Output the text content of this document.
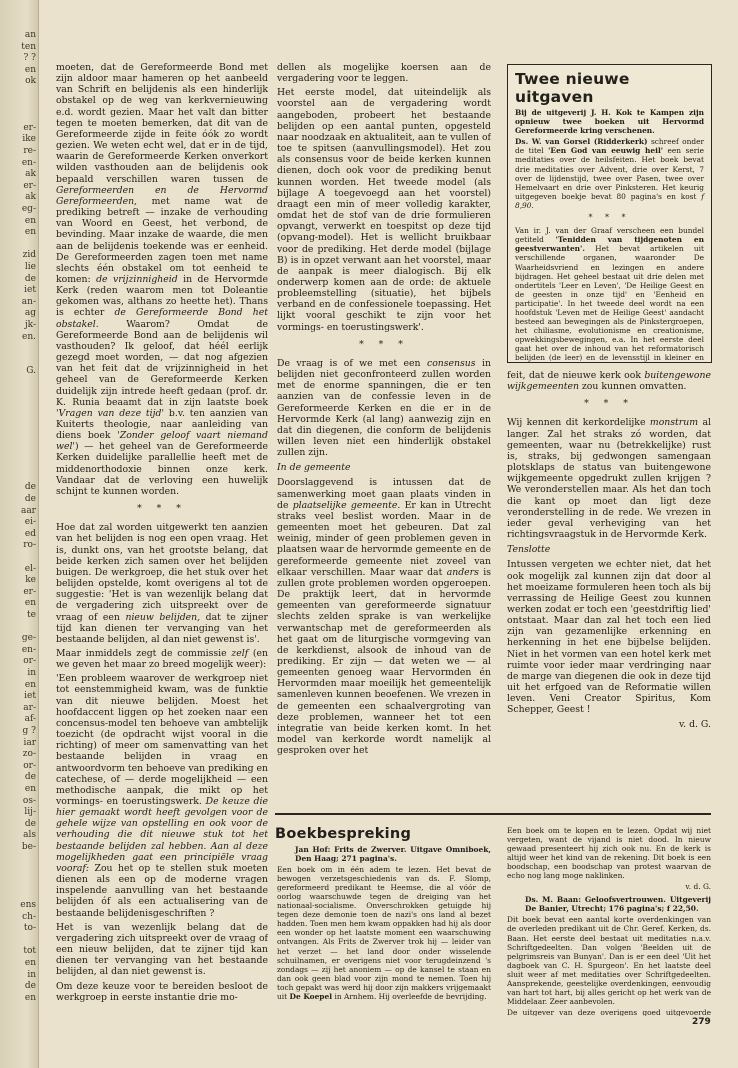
an
ten
? ?
en
ok
er-
ike
re-
en-
ak
er-
ak
eg-
en
en
zid
lie
de
iet
an-
ag
jk-
en.
G.
de
de
aar
ei-
ed
ro-
el-
ke
er-
en
te
ge-
en-
or-
in
en
iet
ar-
af-
g ?
iar
zo-
or-
de
en
os-
lij-
de
als
be-
ens
ch-
to-
tot
en
in
de
en

moeten, dat de Gereformeerde Bond met zijn aldoor maar hameren op het aanbeeld van Schrift en belijdenis als een hinderlijk obstakel op de weg van kerkvernieuwing e.d. wordt gezien. Maar het valt dan bitter tegen te moeten bemerken, dat dit van de Gereformeerde zijde in feite óók zo wordt gezien. We weten echt wel, dat er in de tijd, waarin de Gereformeerde Kerken onverkort wilden vasthouden aan de belijdenis ook bepaald verschillen waren tussen de Gereformeerden en de Hervormd Gereformeerden, met name wat de prediking betreft — inzake de verhouding van Woord en Geest, het verbond, de bevinding. Maar inzake de waarde, die men aan de belijdenis toekende was er eenheid. De Gereformeerden zagen toen met name slechts één obstakel om tot eenheid te komen: de vrijzinnigheid in de Hervormde Kerk (reden waarom men tot Doleantie gekomen was, althans zo heette het). Thans is echter de Gereformeerde Bond het obstakel.	Waarom? Omdat de Gereformeerde Bond aan de belijdenis wil vasthouden? Ik geloof, dat héél eerlijk gezegd moet worden, — dat nog afgezien van het feit dat de vrijzinnigheid in het geheel van de Gereformeerde Kerken duidelijk zijn intrede heeft gedaan (prof. dr. K. Runia beaamt dat in zijn laatste boek 'Vragen van deze tijd' b.v. ten aanzien van Kuiterts theologie, naar aanleiding van diens boek 'Zonder geloof vaart niemand wel') — het geheel van de Gereformeerde Kerken duidelijke parallellie heeft met de middenorthodoxie binnen onze kerk. Vandaar dat de verloving een huwelijk schijnt te kunnen worden.

* * *

Hoe dat zal worden uitgewerkt ten aanzien van het belijden is nog een open vraag. Het is, dunkt ons, van het grootste belang, dat beide kerken zich samen over het belijden buigen. De werkgroep, die het stuk over het belijden opstelde, komt overigens al tot de suggestie: 'Het is van wezenlijk belang dat de vergadering zich uitspreekt over de vraag of een nieuw belijden, dat te zijner tijd kan dienen ter vervanging van het bestaande belijden, al dan niet gewenst is'.

Maar inmiddels zegt de commissie zelf (en we geven het maar zo breed mogelijk weer):

'Een probleem waarover de werkgroep niet tot eenstemmigheid kwam, was de funktie van dit nieuwe belijden. Moest het hoofdaccent liggen op het zoeken naar een concensus-model ten behoeve van ambtelijk toezicht (de opdracht wijst vooral in die richting) of meer om samenvatting van het bestaande belijden in vraag en antwoordvorm ten behoeve van prediking en catechese, of — derde mogelijkheid — een methodische aanpak, die mikt op het vormings- en toerustingswerk. De keuze die hier gemaakt wordt heeft gevolgen voor de gehele wijze van opstelling en ook voor de verhouding die dit nieuwe stuk tot het bestaande belijden zal hebben. Aan al deze mogelijkheden gaat een principiële vraag vooraf: Zou het op te stellen stuk moeten dienen als een op de moderne vragen inspelende aanvulling van het bestaande belijden óf als een actualisering van de bestaande belijdenisgeschriften ?

Het is van wezenlijk belang dat de vergadering zich uitspreekt over de vraag of een nieuw belijden, dat te zijner tijd kan dienen ter vervanging van het bestaande belijden, al dan niet gewenst is.

Om deze keuze voor te bereiden besloot de werkgroep in eerste instantie drie mo-

dellen als mogelijke koersen aan de vergadering voor te leggen.

Het eerste model, dat uiteindelijk als voorstel aan de vergadering wordt aangeboden, probeert het bestaande belijden op een aantal punten, opgesteld naar noodzaak en aktualiteit, aan te vullen of toe te spitsen (aanvullingsmodel). Het zou als consensus voor de beide kerken kunnen dienen, doch ook voor de prediking benut kunnen worden. Het tweede model (als bijlage A toegevoegd aan het voorstel) draagt een min of meer volledig karakter, omdat het de stof van de drie formulieren opvangt, verwerkt en toespitst op deze tijd (opvang-model). Het is wellicht bruikbaar voor de prediking. Het derde model (bijlage B) is in opzet verwant aan het voorstel, maar de aanpak is meer dialogisch. Bij elk onderwerp komen aan de orde: de aktuele probleemstelling (situatie), het bijbels verband en de confessionele toepassing. Het lijkt vooral geschikt te zijn voor het vormings- en toerustingswerk'.

* * *

De vraag is of we met een consensus in belijden niet geconfronteerd zullen worden met de enorme spanningen, die er ten aanzien van de confessie leven in de Gereformeerde Kerken en die er in de Hervormde Kerk (al lang) aanwezig zijn en dat din diegenen, die conform de belijdenis willen leven niet een hinderlijk obstakel zullen zijn.

In de gemeente

Doorslaggevend is intussen dat de samenwerking moet gaan plaats vinden in de plaatselijke gemeente. Er kan in Utrecht straks veel beslist worden. Maar in de gemeenten moet het gebeuren. Dat zal weinig, minder of geen problemen geven in plaatsen waar de hervormde gemeente en de gereformeerde gemeente niet zoveel van elkaar verschillen. Maar waar dat anders is zullen grote problemen worden opgeroepen. De praktijk leert, dat in hervormde gemeenten van gereformeerde signatuur slechts zelden sprake is van werkelijke verwantschap met de gereformeerden als het gaat om de liturgische vormgeving van de kerkdienst, alsook de inhoud van de prediking. Er zijn — dat weten we — al gemeenten genoeg waar Hervormden én Hervormden maar moeilijk het gemeentelijk samenleven kunnen beoefenen. We vrezen in de gemeenten een schaalvergroting van deze problemen, wanneer het tot een integratie van beide kerken komt. In het model van kerkorde wordt namelijk al gesproken over het

Twee nieuwe uitgaven

Bij de uitgeverij J. H. Kok te Kampen zijn opnieuw twee boeken uit Hervormd Gereformeerde kring verschenen.

Ds. W. van Gorsel (Ridderkerk) schreef onder de titel 'Een God van eeuwig heil' een serie meditaties over de heilsfeiten. Het boek bevat drie meditaties over Advent, drie over Kerst, 7 over de lijdenstijd, twee over Pasen, twee over Hemelvaart en drie over Pinksteren. Het keurig uitgegeven boekje bevat 80 pagina's en kost f 8,90.

* * *

Van ir. J. van der Graaf verscheen een bundel getiteld 'Tenidden van tijdgenoten en geestverwanten'. Het bevat artikelen uit verschillende organen, waaronder De Waarheidsvriend en lezingen en andere bijdragen. Het geheel bestaat uit drie delen met ondertitels 'Leer en Leven', 'De Heilige Geest en de geesten in onze tijd' en 'Eenheid en participatie'. In het tweede deel wordt na een hoofdstuk 'Leven met de Heilige Geest' aandacht besteed aan bewegingen als de Pinkstergroepen, het chiliasme, evolutionisme en creationisme, opwekkingsbewegingen, e.a. In het eerste deel gaat het over de inhoud van het reformatorisch belijden (de leer) en de levensstijl in kleiner en

feit, dat de nieuwe kerk ook buitengewone wijkgemeenten zou kunnen omvatten.

* * *

Wij kennen dit kerkordelijke monstrum al langer. Zal het straks zó worden, dat gemeenten, waar nu (betrekkelijke) rust is, straks, bij gedwongen samengaan plotsklaps de status van buitengewone wijkgemeente opgedrukt zullen krijgen ? We veronderstellen maar. Als het dan toch die kant op moet dan ligt deze veronderstelling in de rede. We vrezen in ieder geval verheviging van het richtingsvraagstuk in de Hervormde Kerk.

Tenslotte

Intussen vergeten we echter niet, dat het ook mogelijk zal kunnen zijn dat door al het moeizame formuleren heen toch als bij verrassing de Heilige Geest zou kunnen werken zodat er toch een 'geestdriftig lied' ontstaat. Maar dan zal het toch een lied zijn van gezamenlijke erkenning en herkenning in het ene bijbelse belijden. Niet in het vormen van een hotel kerk met ruimte voor ieder maar verdringing naar de marge van diegenen die ook in deze tijd uit het erfgoed van de Reformatie willen leven. Veni Creator Spiritus, Kom Schepper, Geest !

v. d. G.
Boekbespreking

Jan Hof: Frits de Zwerver. Uitgave Omniboek, Den Haag; 271 pagina's.

Een boek om in één adem te lezen. Het bevat de bewogen verzetsgeschiedenis van ds. F. Slomp, gereformeerd predikant te Heemse, die al vóór de oorlog waarschuwde tegen de dreiging van het nationaal-socialisme. Onverschrokken getuigde hij tegen deze demonie toen de nazi's ons land al bezet hadden. Toen men hem kwam oppakken had hij als door een wonder op het laatste moment een waarschuwing ontvangen. Als Frits de Zwerver trok hij — leider van het verzet — het land door onder wisselende schuilnamen, er overigens niet voor terugdeinzend 's zondags — zij het anoniem — op de kansel te staan en dan ook geen blad voor zijn mond te nemen. Toen hij toch gepakt was werd hij door zijn makkers vrijgemaakt uit De Koepel in Arnhem. Hij overleefde de bevrijding.

Een boek om te kopen en te lezen. Opdat wij niet vergeten, want de vijand is niet dood. In nieuw gewaad presenteert hij zich ook nu. En de kerk is altijd weer het kind van de rekening. Dit boek is een boodschap, een boodschap van protest waarvan de echo nog lang moge naklinken.

v. d. G.

Ds. M. Baan: Geloofsvertrouwen. Uitgeverij De Banier, Utrecht; 176 pagina's; f 22,50.

Dit boek bevat een aantal korte overdenkingen van de overleden predikant uit de Chr. Geref. Kerken, ds. Baan. Het eerste deel bestaat uit meditaties n.a.v. Schriftgedeelten. Dan volgen 'Beelden uit de pelgrimsreis van Bunyan'. Dan is er een deel 'Uit het dagboek van C. H. Spurgeon'. En het laatste deel sluit weer af met meditaties over Schriftgedeelten. Aansprekende, geestelijke overdenkingen, eenvoudig van hart tot hart, bij alles gericht op het werk van de Middelaar. Zeer aanbevolen.

De uitgever van deze overigens goed uitgevoerde

279
